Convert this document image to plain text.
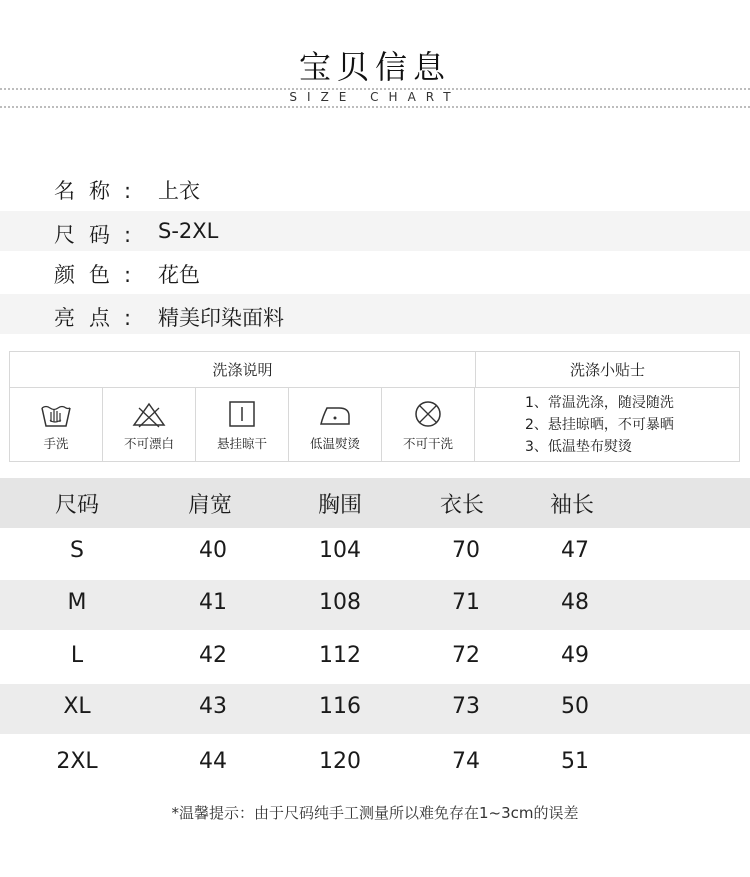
宝贝信息
SIZE CHART
名称: 上衣
尺码: S-2XL
颜色: 花色
亮点: 精美印染面料
洗涤说明	洗涤小贴士
手洗	不可漂白	悬挂晾干	低温熨烫	不可干洗
1、常温洗涤，随浸随洗
2、悬挂晾晒，不可暴晒
3、低温垫布熨烫
尺码	肩宽	胸围	衣长	袖长
S	40	104	70	47
M	41	108	71	48
L	42	112	72	49
XL	43	116	73	50
2XL	44	120	74	51
*温馨提示：由于尺码纯手工测量所以难免存在1~3cm的误差
